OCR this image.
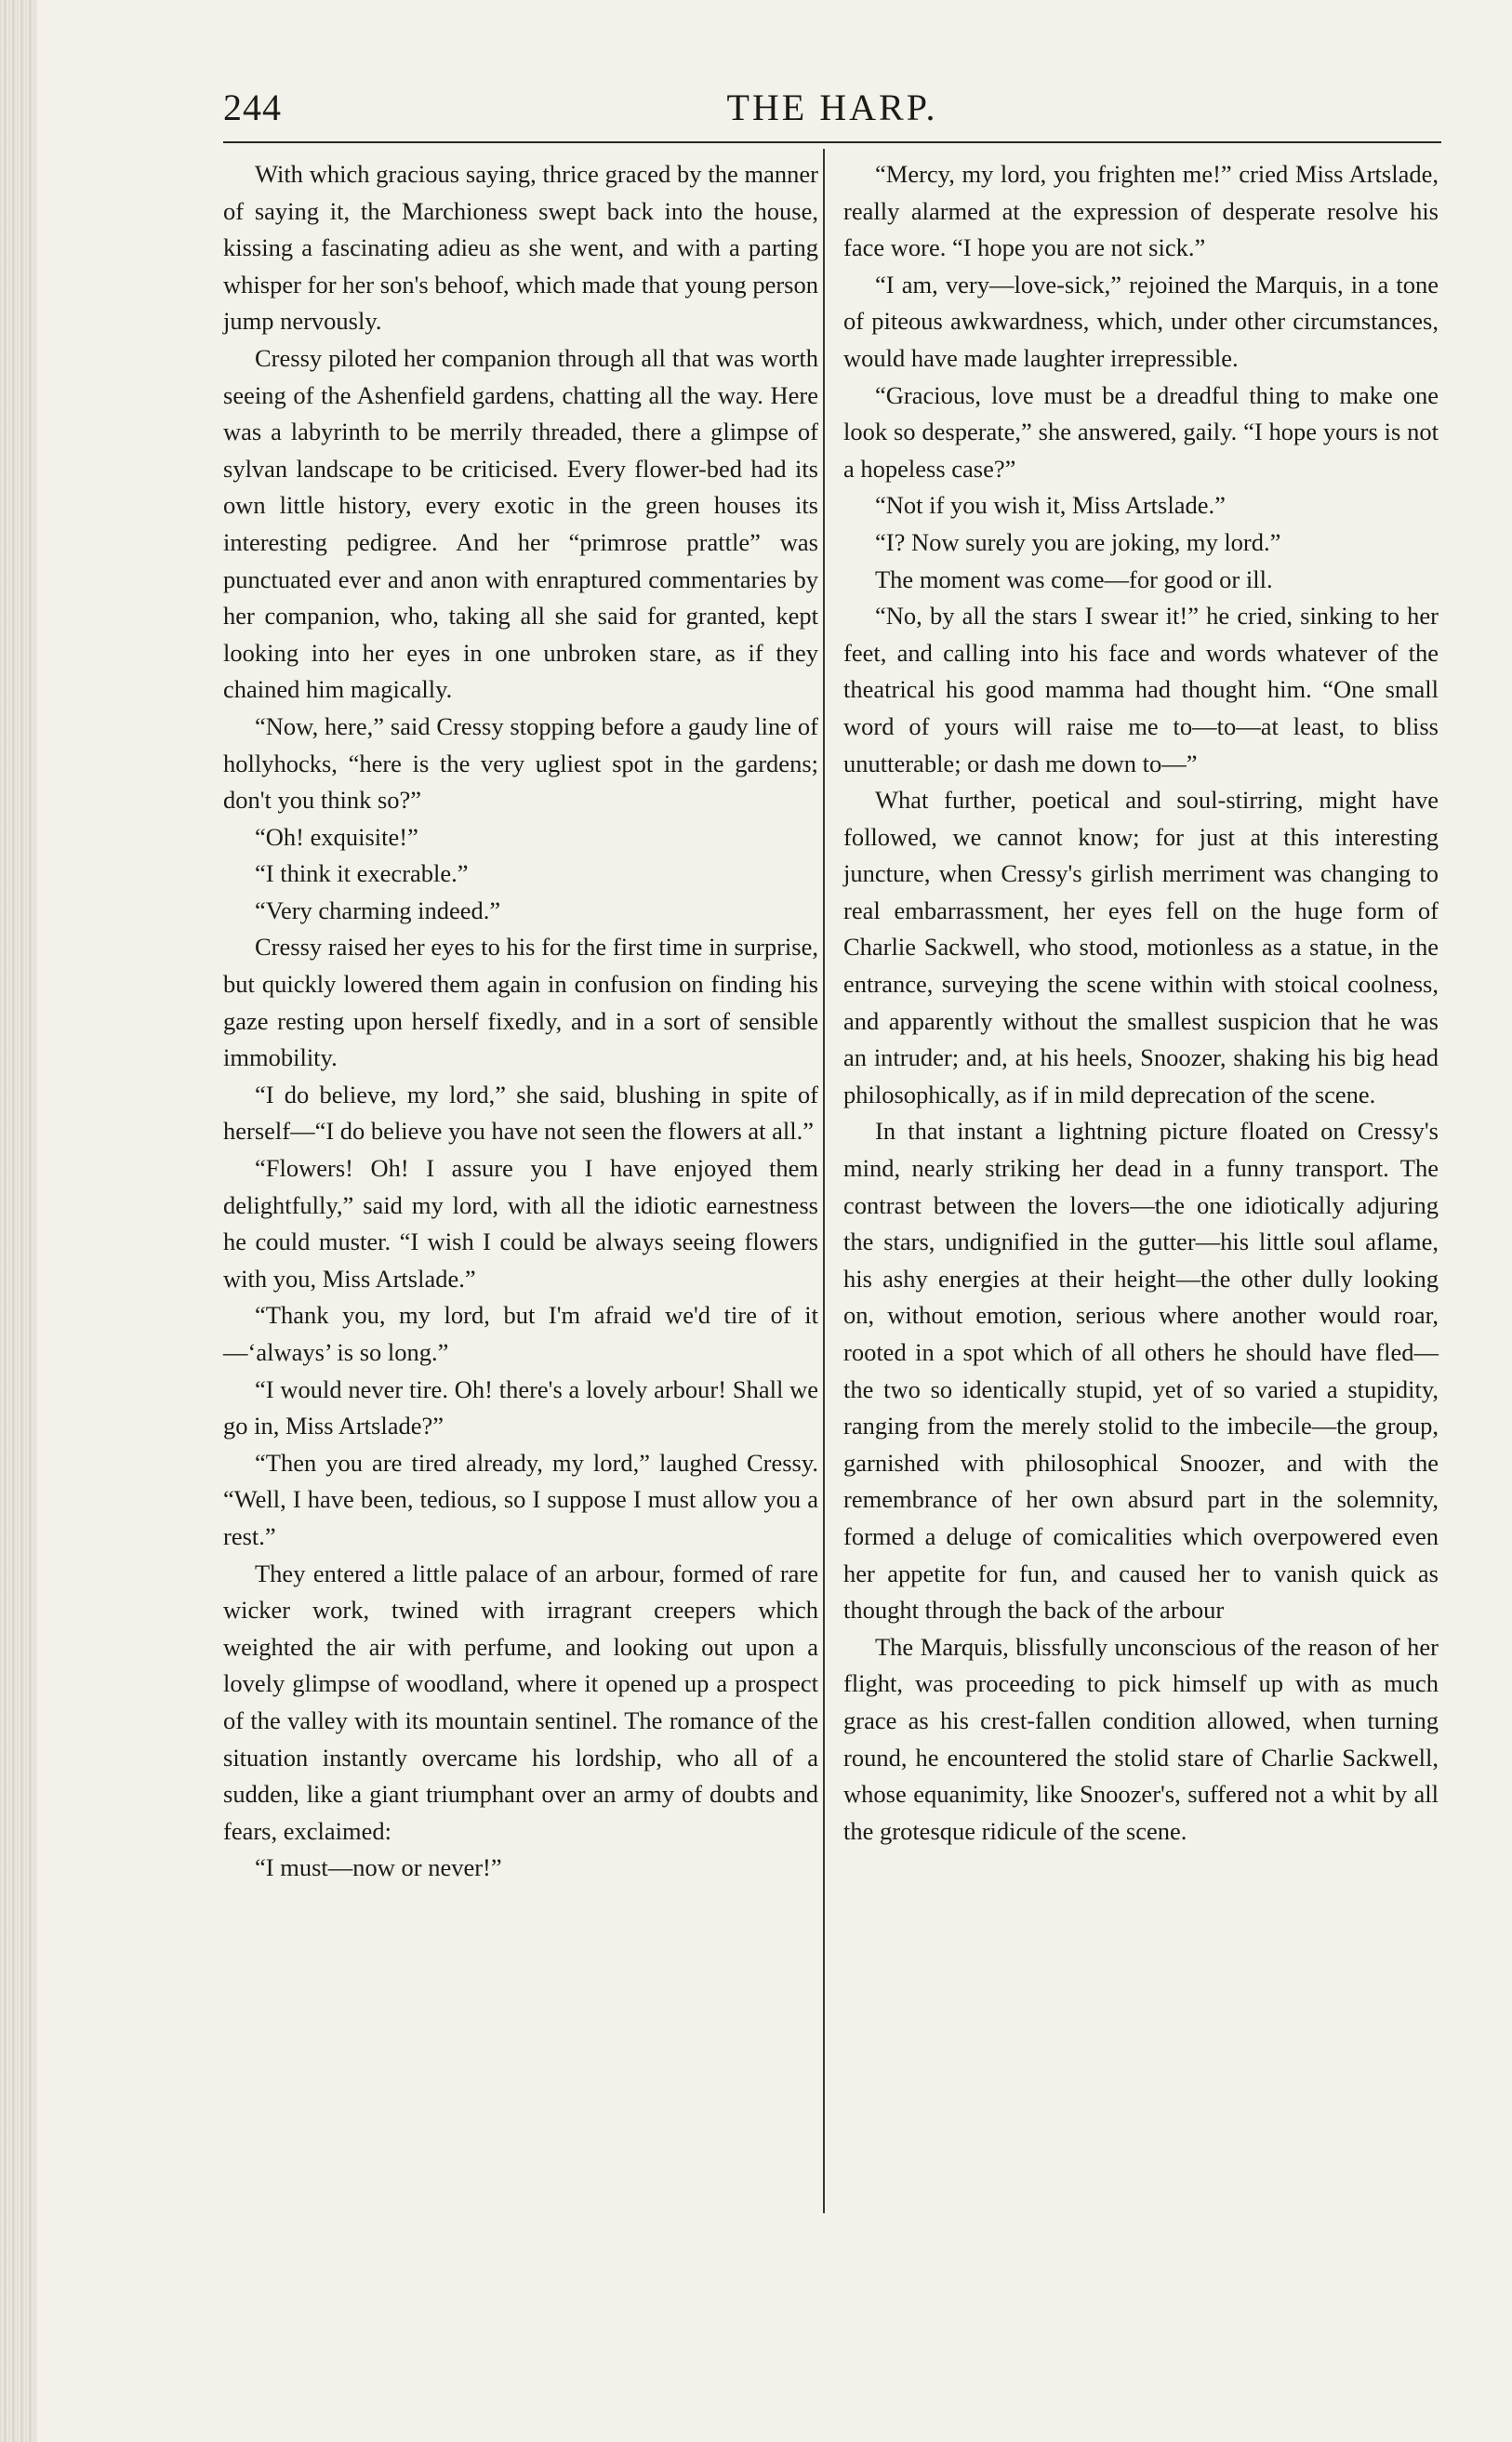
244	THE HARP.

With which gracious saying, thrice graced by the manner of saying it, the Marchioness swept back into the house, kissing a fascinating adieu as she went, and with a parting whisper for her son's behoof, which made that young person jump nervously.

Cressy piloted her companion through all that was worth seeing of the Ashenfield gardens, chatting all the way. Here was a labyrinth to be merrily threaded, there a glimpse of sylvan landscape to be criticised. Every flower-bed had its own little history, every exotic in the green houses its interesting pedigree. And her “primrose prattle” was punctuated ever and anon with enraptured commentaries by her companion, who, taking all she said for granted, kept looking into her eyes in one unbroken stare, as if they chained him magically.

“Now, here,” said Cressy stopping before a gaudy line of hollyhocks, “here is the very ugliest spot in the gardens; don't you think so?”

“Oh! exquisite!”

“I think it execrable.”

“Very charming indeed.”

Cressy raised her eyes to his for the first time in surprise, but quickly lowered them again in confusion on finding his gaze resting upon herself fixedly, and in a sort of sensible immobility.

“I do believe, my lord,” she said, blushing in spite of herself—“I do believe you have not seen the flowers at all.”

“Flowers! Oh! I assure you I have enjoyed them delightfully,” said my lord, with all the idiotic earnestness he could muster. “I wish I could be always seeing flowers with you, Miss Artslade.”

“Thank you, my lord, but I'm afraid we'd tire of it—‘always’ is so long.”

“I would never tire. Oh! there's a lovely arbour! Shall we go in, Miss Artslade?”

“Then you are tired already, my lord,” laughed Cressy. “Well, I have been, tedious, so I suppose I must allow you a rest.”

They entered a little palace of an arbour, formed of rare wicker work, twined with irragrant creepers which weighted the air with perfume, and looking out upon a lovely glimpse of woodland, where it opened up a prospect of the valley with its mountain sentinel. The romance of the situation instantly overcame his lordship, who all of a sudden, like a giant triumphant over an army of doubts and fears, exclaimed:

“I must—now or never!”

“Mercy, my lord, you frighten me!” cried Miss Artslade, really alarmed at the expression of desperate resolve his face wore. “I hope you are not sick.”

“I am, very—love-sick,” rejoined the Marquis, in a tone of piteous awkwardness, which, under other circumstances, would have made laughter irrepressible.

“Gracious, love must be a dreadful thing to make one look so desperate,” she answered, gaily. “I hope yours is not a hopeless case?”

“Not if you wish it, Miss Artslade.”

“I? Now surely you are joking, my lord.”

The moment was come—for good or ill.

“No, by all the stars I swear it!” he cried, sinking to her feet, and calling into his face and words whatever of the theatrical his good mamma had thought him. “One small word of yours will raise me to—to—at least, to bliss unutterable; or dash me down to—”

What further, poetical and soul-stirring, might have followed, we cannot know; for just at this interesting juncture, when Cressy's girlish merriment was changing to real embarrassment, her eyes fell on the huge form of Charlie Sackwell, who stood, motionless as a statue, in the entrance, surveying the scene within with stoical coolness, and apparently without the smallest suspicion that he was an intruder; and, at his heels, Snoozer, shaking his big head philosophically, as if in mild deprecation of the scene.

In that instant a lightning picture floated on Cressy's mind, nearly striking her dead in a funny transport. The contrast between the lovers—the one idiotically adjuring the stars, undignified in the gutter—his little soul aflame, his ashy energies at their height—the other dully looking on, without emotion, serious where another would roar, rooted in a spot which of all others he should have fled—the two so identically stupid, yet of so varied a stupidity, ranging from the merely stolid to the imbecile—the group, garnished with philosophical Snoozer, and with the remembrance of her own absurd part in the solemnity, formed a deluge of comicalities which overpowered even her appetite for fun, and caused her to vanish quick as thought through the back of the arbour

The Marquis, blissfully unconscious of the reason of her flight, was proceeding to pick himself up with as much grace as his crest-fallen condition allowed, when turning round, he encountered the stolid stare of Charlie Sackwell, whose equanimity, like Snoozer's, suffered not a whit by all the grotesque ridicule of the scene.
